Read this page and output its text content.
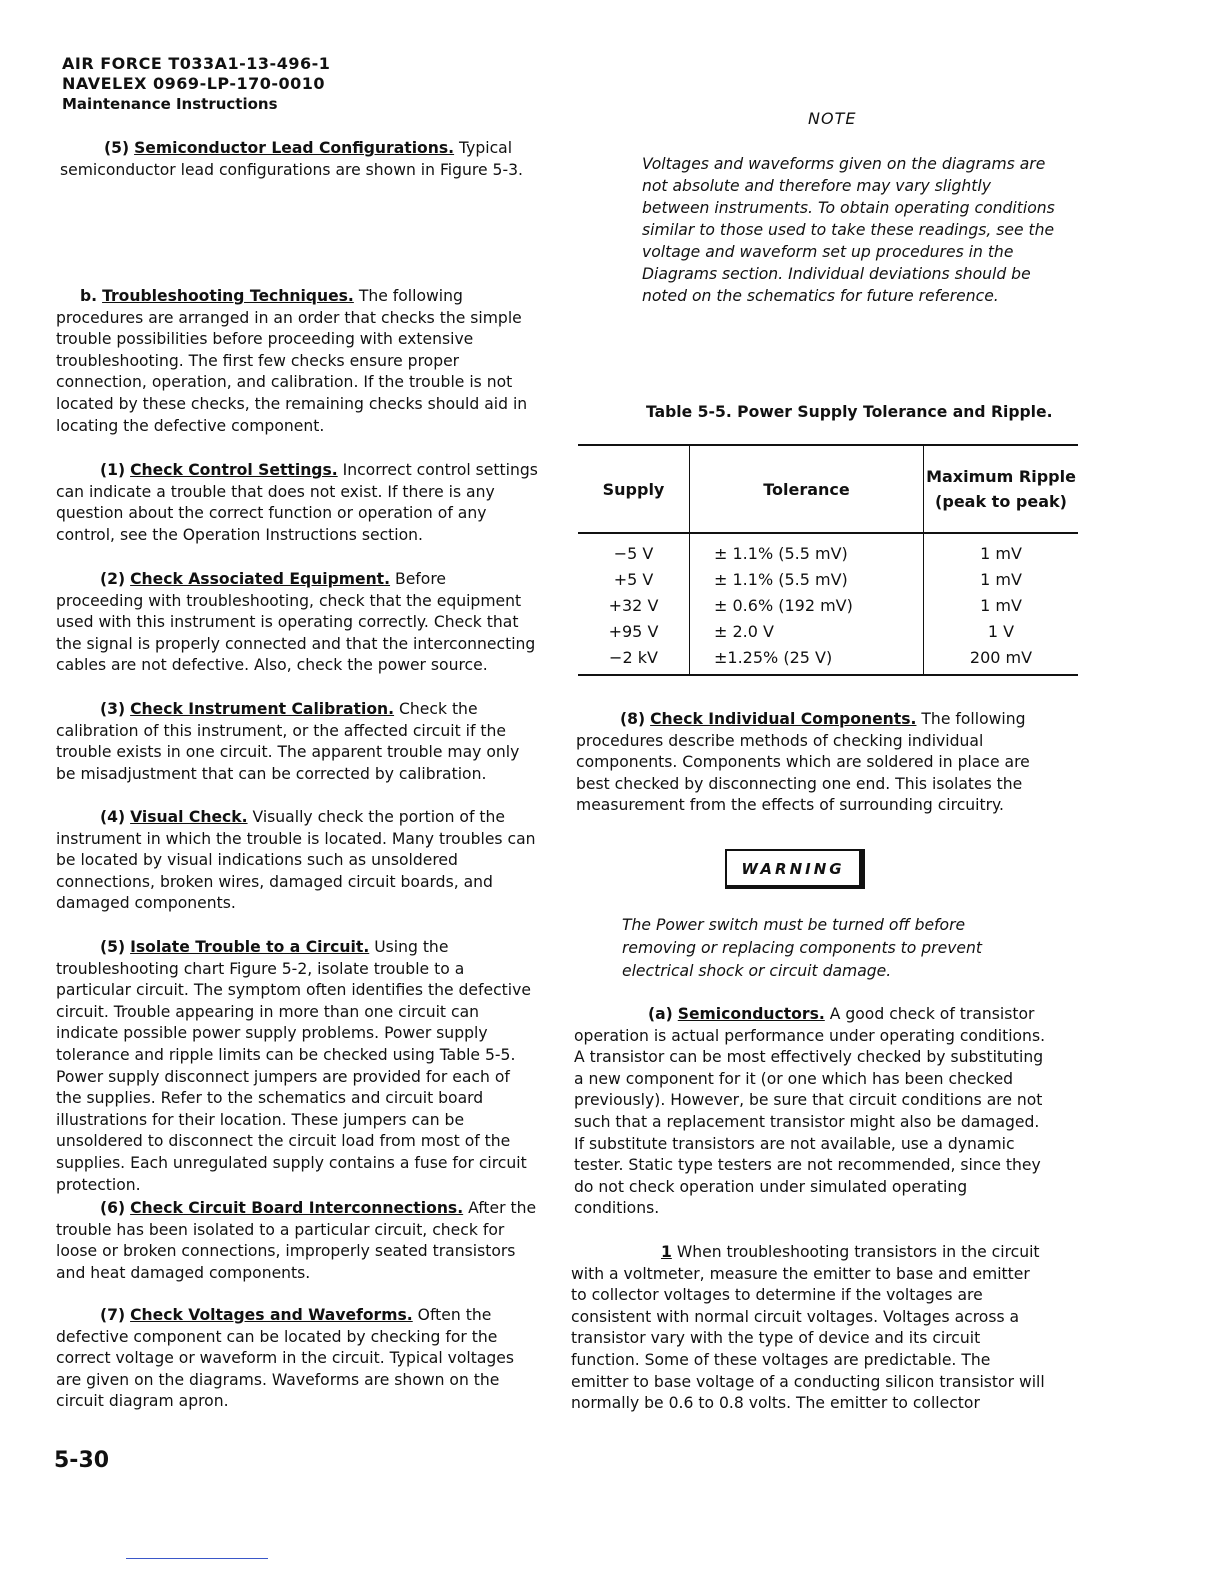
AIR FORCE T033A1-13-496-1
NAVELEX 0969-LP-170-0010
Maintenance Instructions

(5) Semiconductor Lead Configurations. Typical semiconductor lead configurations are shown in Figure 5-3.

b. Troubleshooting Techniques. The following procedures are arranged in an order that checks the simple trouble possibilities before proceeding with extensive troubleshooting. The first few checks ensure proper connection, operation, and calibration. If the trouble is not located by these checks, the remaining checks should aid in locating the defective component.

(1) Check Control Settings. Incorrect control settings can indicate a trouble that does not exist. If there is any question about the correct function or operation of any control, see the Operation Instructions section.

(2) Check Associated Equipment. Before proceeding with troubleshooting, check that the equipment used with this instrument is operating correctly. Check that the signal is properly connected and that the interconnecting cables are not defective. Also, check the power source.

(3) Check Instrument Calibration. Check the calibration of this instrument, or the affected circuit if the trouble exists in one circuit. The apparent trouble may only be misadjustment that can be corrected by calibration.

(4) Visual Check. Visually check the portion of the instrument in which the trouble is located. Many troubles can be located by visual indications such as unsoldered connections, broken wires, damaged circuit boards, and damaged components.

(5) Isolate Trouble to a Circuit. Using the troubleshooting chart Figure 5-2, isolate trouble to a particular circuit. The symptom often identifies the defective circuit. Trouble appearing in more than one circuit can indicate possible power supply problems. Power supply tolerance and ripple limits can be checked using Table 5-5. Power supply disconnect jumpers are provided for each of the supplies. Refer to the schematics and circuit board illustrations for their location. These jumpers can be unsoldered to disconnect the circuit load from most of the supplies. Each unregulated supply contains a fuse for circuit protection.

(6) Check Circuit Board Interconnections. After the trouble has been isolated to a particular circuit, check for loose or broken connections, improperly seated transistors and heat damaged components.

(7) Check Voltages and Waveforms. Often the defective component can be located by checking for the correct voltage or waveform in the circuit. Typical voltages are given on the diagrams. Waveforms are shown on the circuit diagram apron.

NOTE
Voltages and waveforms given on the diagrams are not absolute and therefore may vary slightly between instruments. To obtain operating conditions similar to those used to take these readings, see the voltage and waveform set up procedures in the Diagrams section. Individual deviations should be noted on the schematics for future reference.
Table 5-5. Power Supply Tolerance and Ripple.
Supply	Tolerance	Maximum Ripple (peak to peak)
−5 V	± 1.1% (5.5 mV)	1 mV
+5 V	± 1.1% (5.5 mV)	1 mV
+32 V	± 0.6% (192 mV)	1 mV
+95 V	± 2.0 V	1 V
−2 kV	±1.25% (25 V)	200 mV

(8) Check Individual Components. The following procedures describe methods of checking individual components. Components which are soldered in place are best checked by disconnecting one end. This isolates the measurement from the effects of surrounding circuitry.

WARNING
The Power switch must be turned off before removing or replacing components to prevent electrical shock or circuit damage.

(a) Semiconductors. A good check of transistor operation is actual performance under operating conditions. A transistor can be most effectively checked by substituting a new component for it (or one which has been checked previously). However, be sure that circuit conditions are not such that a replacement transistor might also be damaged. If substitute transistors are not available, use a dynamic tester. Static type testers are not recommended, since they do not check operation under simulated operating conditions.

1 When troubleshooting transistors in the circuit with a voltmeter, measure the emitter to base and emitter to collector voltages to determine if the voltages are consistent with normal circuit voltages. Voltages across a transistor vary with the type of device and its circuit function. Some of these voltages are predictable. The emitter to base voltage of a conducting silicon transistor will normally be 0.6 to 0.8 volts. The emitter to collector

5-30
